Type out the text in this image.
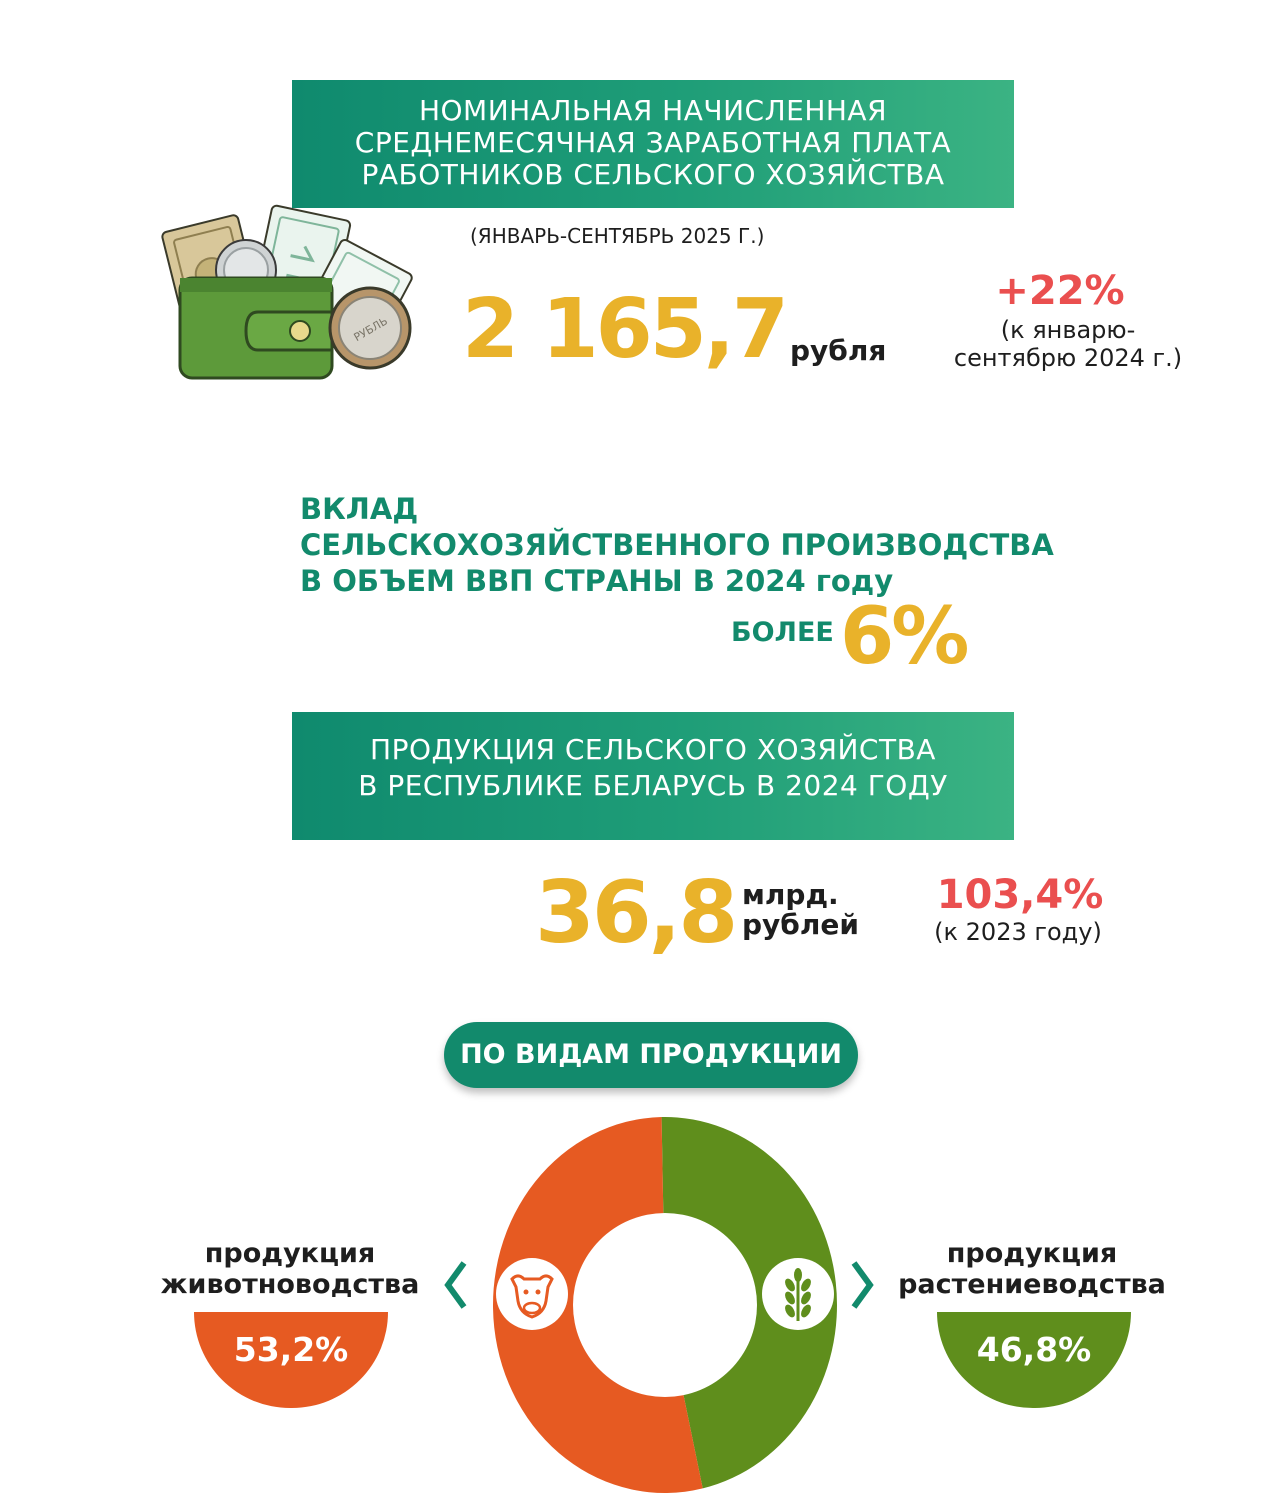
НОМИНАЛЬНАЯ НАЧИСЛЕННАЯ
СРЕДНЕМЕСЯЧНАЯ ЗАРАБОТНАЯ ПЛАТА
РАБОТНИКОВ СЕЛЬСКОГО ХОЗЯЙСТВА
(ЯНВАРЬ-СЕНТЯБРЬ 2025 Г.)
РУБЛЬ 2 165,7 рубля
+22%
(к январю-
сентябрю 2024 г.)
ВКЛАД
СЕЛЬСКОХОЗЯЙСТВЕННОГО ПРОИЗВОДСТВА
В ОБЪЕМ ВВП СТРАНЫ В 2024 году
БОЛЕЕ 6%
ПРОДУКЦИЯ СЕЛЬСКОГО ХОЗЯЙСТВА
В РЕСПУБЛИКЕ БЕЛАРУСЬ В 2024 ГОДУ
36,8 млрд.
рублей
103,4%
(к 2023 году)
ПО ВИДАМ ПРОДУКЦИИ
продукция
животноводства
продукция
растениеводства
53,2%	46,8%
